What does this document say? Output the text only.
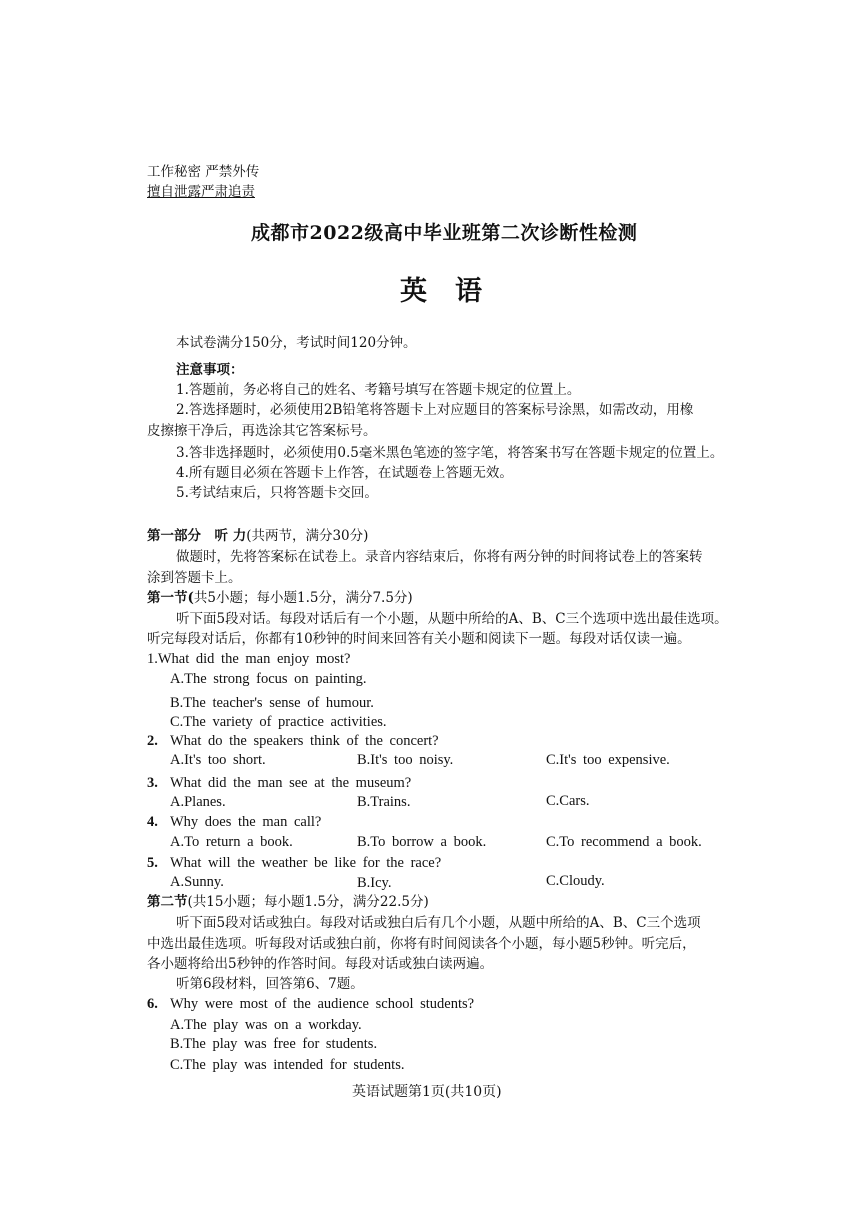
工作秘密 严禁外传
擅自泄露严肃追责
成都市2022级高中毕业班第二次诊断性检测
英语
本试卷满分150分，考试时间120分钟。
注意事项：
1.答题前，务必将自己的姓名、考籍号填写在答题卡规定的位置上。
2.答选择题时，必须使用2B铅笔将答题卡上对应题目的答案标号涂黑，如需改动，用橡
皮擦擦干净后，再选涂其它答案标号。
3.答非选择题时，必须使用0.5毫米黑色笔迹的签字笔，将答案书写在答题卡规定的位置上。
4.所有题目必须在答题卡上作答，在试题卷上答题无效。
5.考试结束后，只将答题卡交回。
第一部分　听 力(共两节，满分30分)
做题时，先将答案标在试卷上。录音内容结束后，你将有两分钟的时间将试卷上的答案转
涂到答题卡上。
第一节(共5小题；每小题1.5分，满分7.5分)
听下面5段对话。每段对话后有一个小题，从题中所给的A、B、C三个选项中选出最佳选项。
听完每段对话后，你都有10秒钟的时间来回答有关小题和阅读下一题。每段对话仅读一遍。
1.What did the man enjoy most?
A.The strong focus on painting.
B.The teacher's sense of humour.
C.The variety of practice activities.
2. What do the speakers think of the concert?
A.It's too short.	B.It's too noisy.	C.It's too expensive.
3. What did the man see at the museum?
A.Planes.	B.Trains.	C.Cars.
4. Why does the man call?
A.To return a book.	B.To borrow a book.	C.To recommend a book.
5. What will the weather be like for the race?
A.Sunny.	B.Icy.	C.Cloudy.
第二节(共15小题；每小题1.5分，满分22.5分)
听下面5段对话或独白。每段对话或独白后有几个小题，从题中所给的A、B、C三个选项
中选出最佳选项。听每段对话或独白前，你将有时间阅读各个小题，每小题5秒钟。听完后，
各小题将给出5秒钟的作答时间。每段对话或独白读两遍。
听第6段材料，回答第6、7题。
6. Why were most of the audience school students?
A.The play was on a workday.
B.The play was free for students.
C.The play was intended for students.
英语试题第1页(共10页)
